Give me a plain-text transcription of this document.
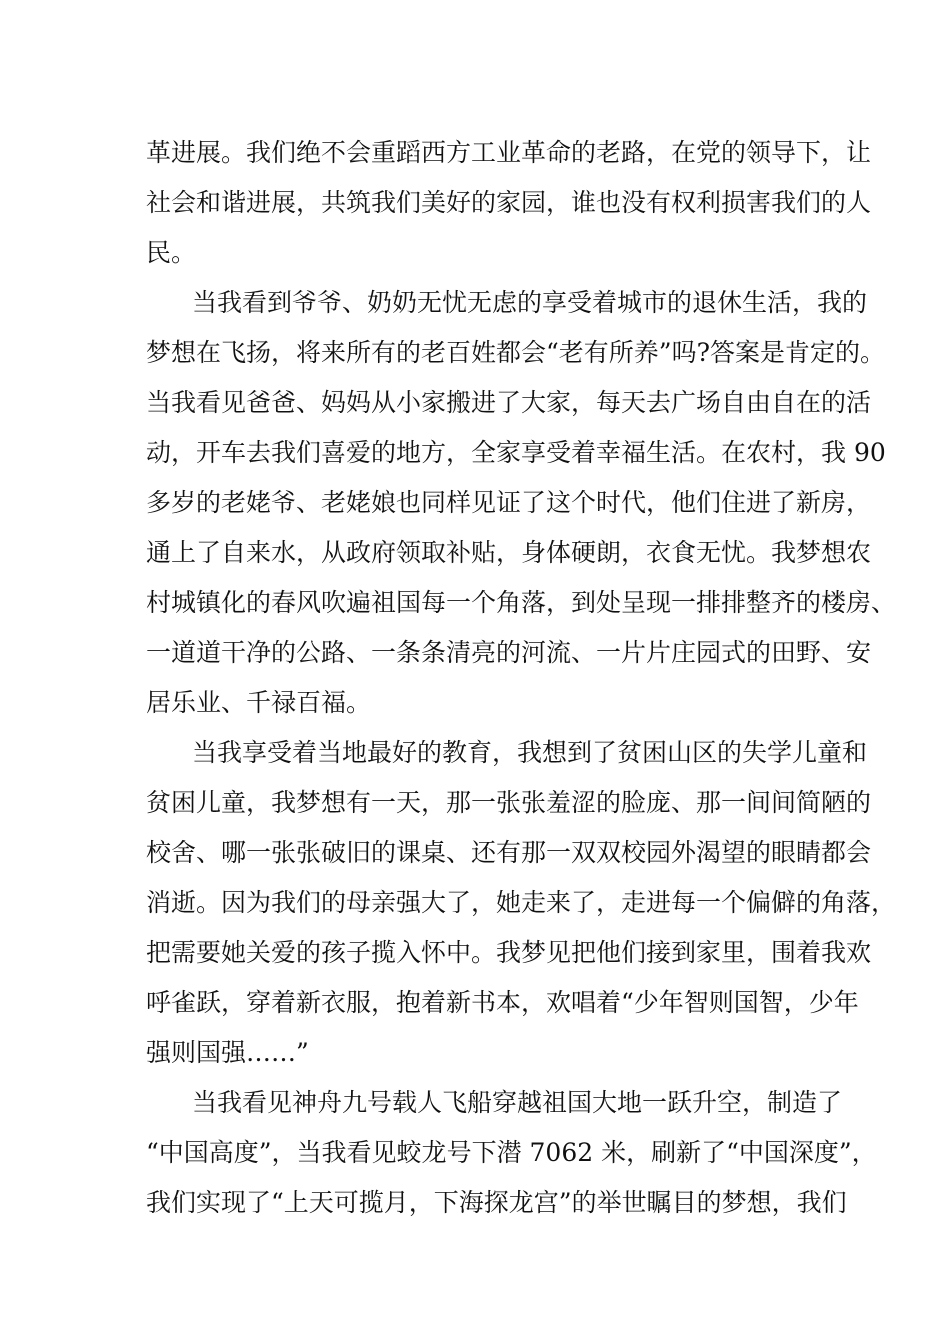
革进展。我们绝不会重蹈西方工业革命的老路，在党的领导下，让
社会和谐进展，共筑我们美好的家园，谁也没有权利损害我们的人
民。
当我看到爷爷、奶奶无忧无虑的享受着城市的退休生活，我的
梦想在飞扬，将来所有的老百姓都会“老有所养”吗?答案是肯定的。
当我看见爸爸、妈妈从小家搬进了大家，每天去广场自由自在的活
动，开车去我们喜爱的地方，全家享受着幸福生活。在农村，我 90
多岁的老姥爷、老姥娘也同样见证了这个时代，他们住进了新房，
通上了自来水，从政府领取补贴，身体硬朗，衣食无忧。我梦想农
村城镇化的春风吹遍祖国每一个角落，到处呈现一排排整齐的楼房、
一道道干净的公路、一条条清亮的河流、一片片庄园式的田野、安
居乐业、千禄百福。
当我享受着当地最好的教育，我想到了贫困山区的失学儿童和
贫困儿童，我梦想有一天，那一张张羞涩的脸庞、那一间间简陋的
校舍、哪一张张破旧的课桌、还有那一双双校园外渴望的眼睛都会
消逝。因为我们的母亲强大了，她走来了，走进每一个偏僻的角落，
把需要她关爱的孩子揽入怀中。我梦见把他们接到家里，围着我欢
呼雀跃，穿着新衣服，抱着新书本，欢唱着“少年智则国智，少年
强则国强……”
当我看见神舟九号载人飞船穿越祖国大地一跃升空，制造了
“中国高度”，当我看见蛟龙号下潜 7062 米，刷新了“中国深度”，
我们实现了“上天可揽月，下海探龙宫”的举世瞩目的梦想，我们
